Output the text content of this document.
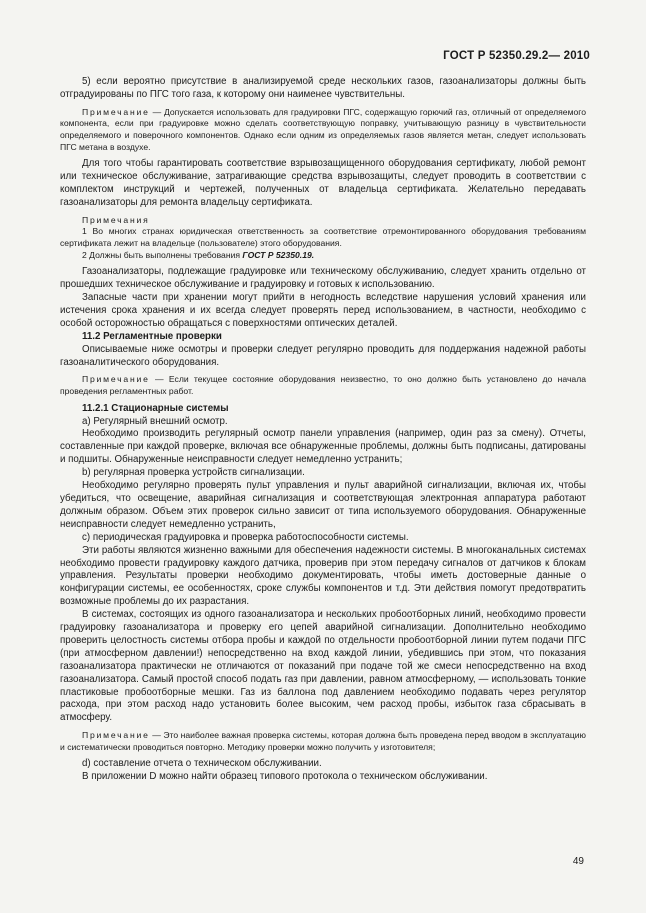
ГОСТ Р 52350.29.2— 2010

5) если вероятно присутствие в анализируемой среде нескольких газов, газоанализаторы должны быть отградуированы по ПГС того газа, к которому они наименее чувствительны.

Примечание — Допускается использовать для градуировки ПГС, содержащую горючий газ, отличный от определяемого компонента, если при градуировке можно сделать соответствующую поправку, учитывающую разницу в чувствительности определяемого и поверочного компонентов. Однако если одним из определяемых газов является метан, следует использовать ПГС метана в воздухе.

Для того чтобы гарантировать соответствие взрывозащищенного оборудования сертификату, любой ремонт или техническое обслуживание, затрагивающие средства взрывозащиты, следует проводить в соответствии с комплектом инструкций и чертежей, полученных от владельца сертификата. Желательно передавать газоанализаторы для ремонта владельцу сертификата.

Примечания

1 Во многих странах юридическая ответственность за соответствие отремонтированного оборудования требованиям сертификата лежит на владельце (пользователе) этого оборудования.

2 Должны быть выполнены требования ГОСТ Р 52350.19.

Газоанализаторы, подлежащие градуировке или техническому обслуживанию, следует хранить отдельно от прошедших техническое обслуживание и градуировку и готовых к использованию.

Запасные части при хранении могут прийти в негодность вследствие нарушения условий хранения или истечения срока хранения и их всегда следует проверять перед использованием, в частности, необходимо с особой осторожностью обращаться с поверхностями оптических деталей.

11.2 Регламентные проверки

Описываемые ниже осмотры и проверки следует регулярно проводить для поддержания надежной работы газоаналитического оборудования.

Примечание — Если текущее состояние оборудования неизвестно, то оно должно быть установлено до начала проведения регламентных работ.

11.2.1 Стационарные системы

a) Регулярный внешний осмотр.

Необходимо производить регулярный осмотр панели управления (например, один раз за смену). Отчеты, составленные при каждой проверке, включая все обнаруженные проблемы, должны быть подписаны, датированы и подшиты. Обнаруженные неисправности следует немедленно устранить;

b) регулярная проверка устройств сигнализации.

Необходимо регулярно проверять пульт управления и пульт аварийной сигнализации, включая их, чтобы убедиться, что освещение, аварийная сигнализация и соответствующая электронная аппаратура работают должным образом. Объем этих проверок сильно зависит от типа используемого оборудования. Обнаруженные неисправности следует немедленно устранить,

c) периодическая градуировка и проверка работоспособности системы.

Эти работы являются жизненно важными для обеспечения надежности системы. В многоканальных системах необходимо провести градуировку каждого датчика, проверив при этом передачу сигналов от датчиков к блокам управления. Результаты проверки необходимо документировать, чтобы иметь достоверные данные о конфигурации системы, ее особенностях, сроке службы компонентов и т.д. Эти действия помогут предотвратить возможные проблемы до их разрастания.

В системах, состоящих из одного газоанализатора и нескольких пробоотборных линий, необходимо провести градуировку газоанализатора и проверку его цепей аварийной сигнализации. Дополнительно необходимо проверить целостность системы отбора пробы и каждой по отдельности пробоотборной линии путем подачи ПГС (при атмосферном давлении!) непосредственно на вход каждой линии, убедившись при этом, что показания газоанализатора практически не отличаются от показаний при подаче той же смеси непосредственно на вход газоанализатора. Самый простой способ подать газ при давлении, равном атмосферному, — использовать тонкие пластиковые пробоотборные мешки. Газ из баллона под давлением необходимо подавать через регулятор расхода, при этом расход надо установить более высоким, чем расход пробы, избыток газа сбрасывать в атмосферу.

Примечание — Это наиболее важная проверка системы, которая должна быть проведена перед вводом в эксплуатацию и систематически проводиться повторно. Методику проверки можно получить у изготовителя;

d) составление отчета о техническом обслуживании.

В приложении D можно найти образец типового протокола о техническом обслуживании.

49
